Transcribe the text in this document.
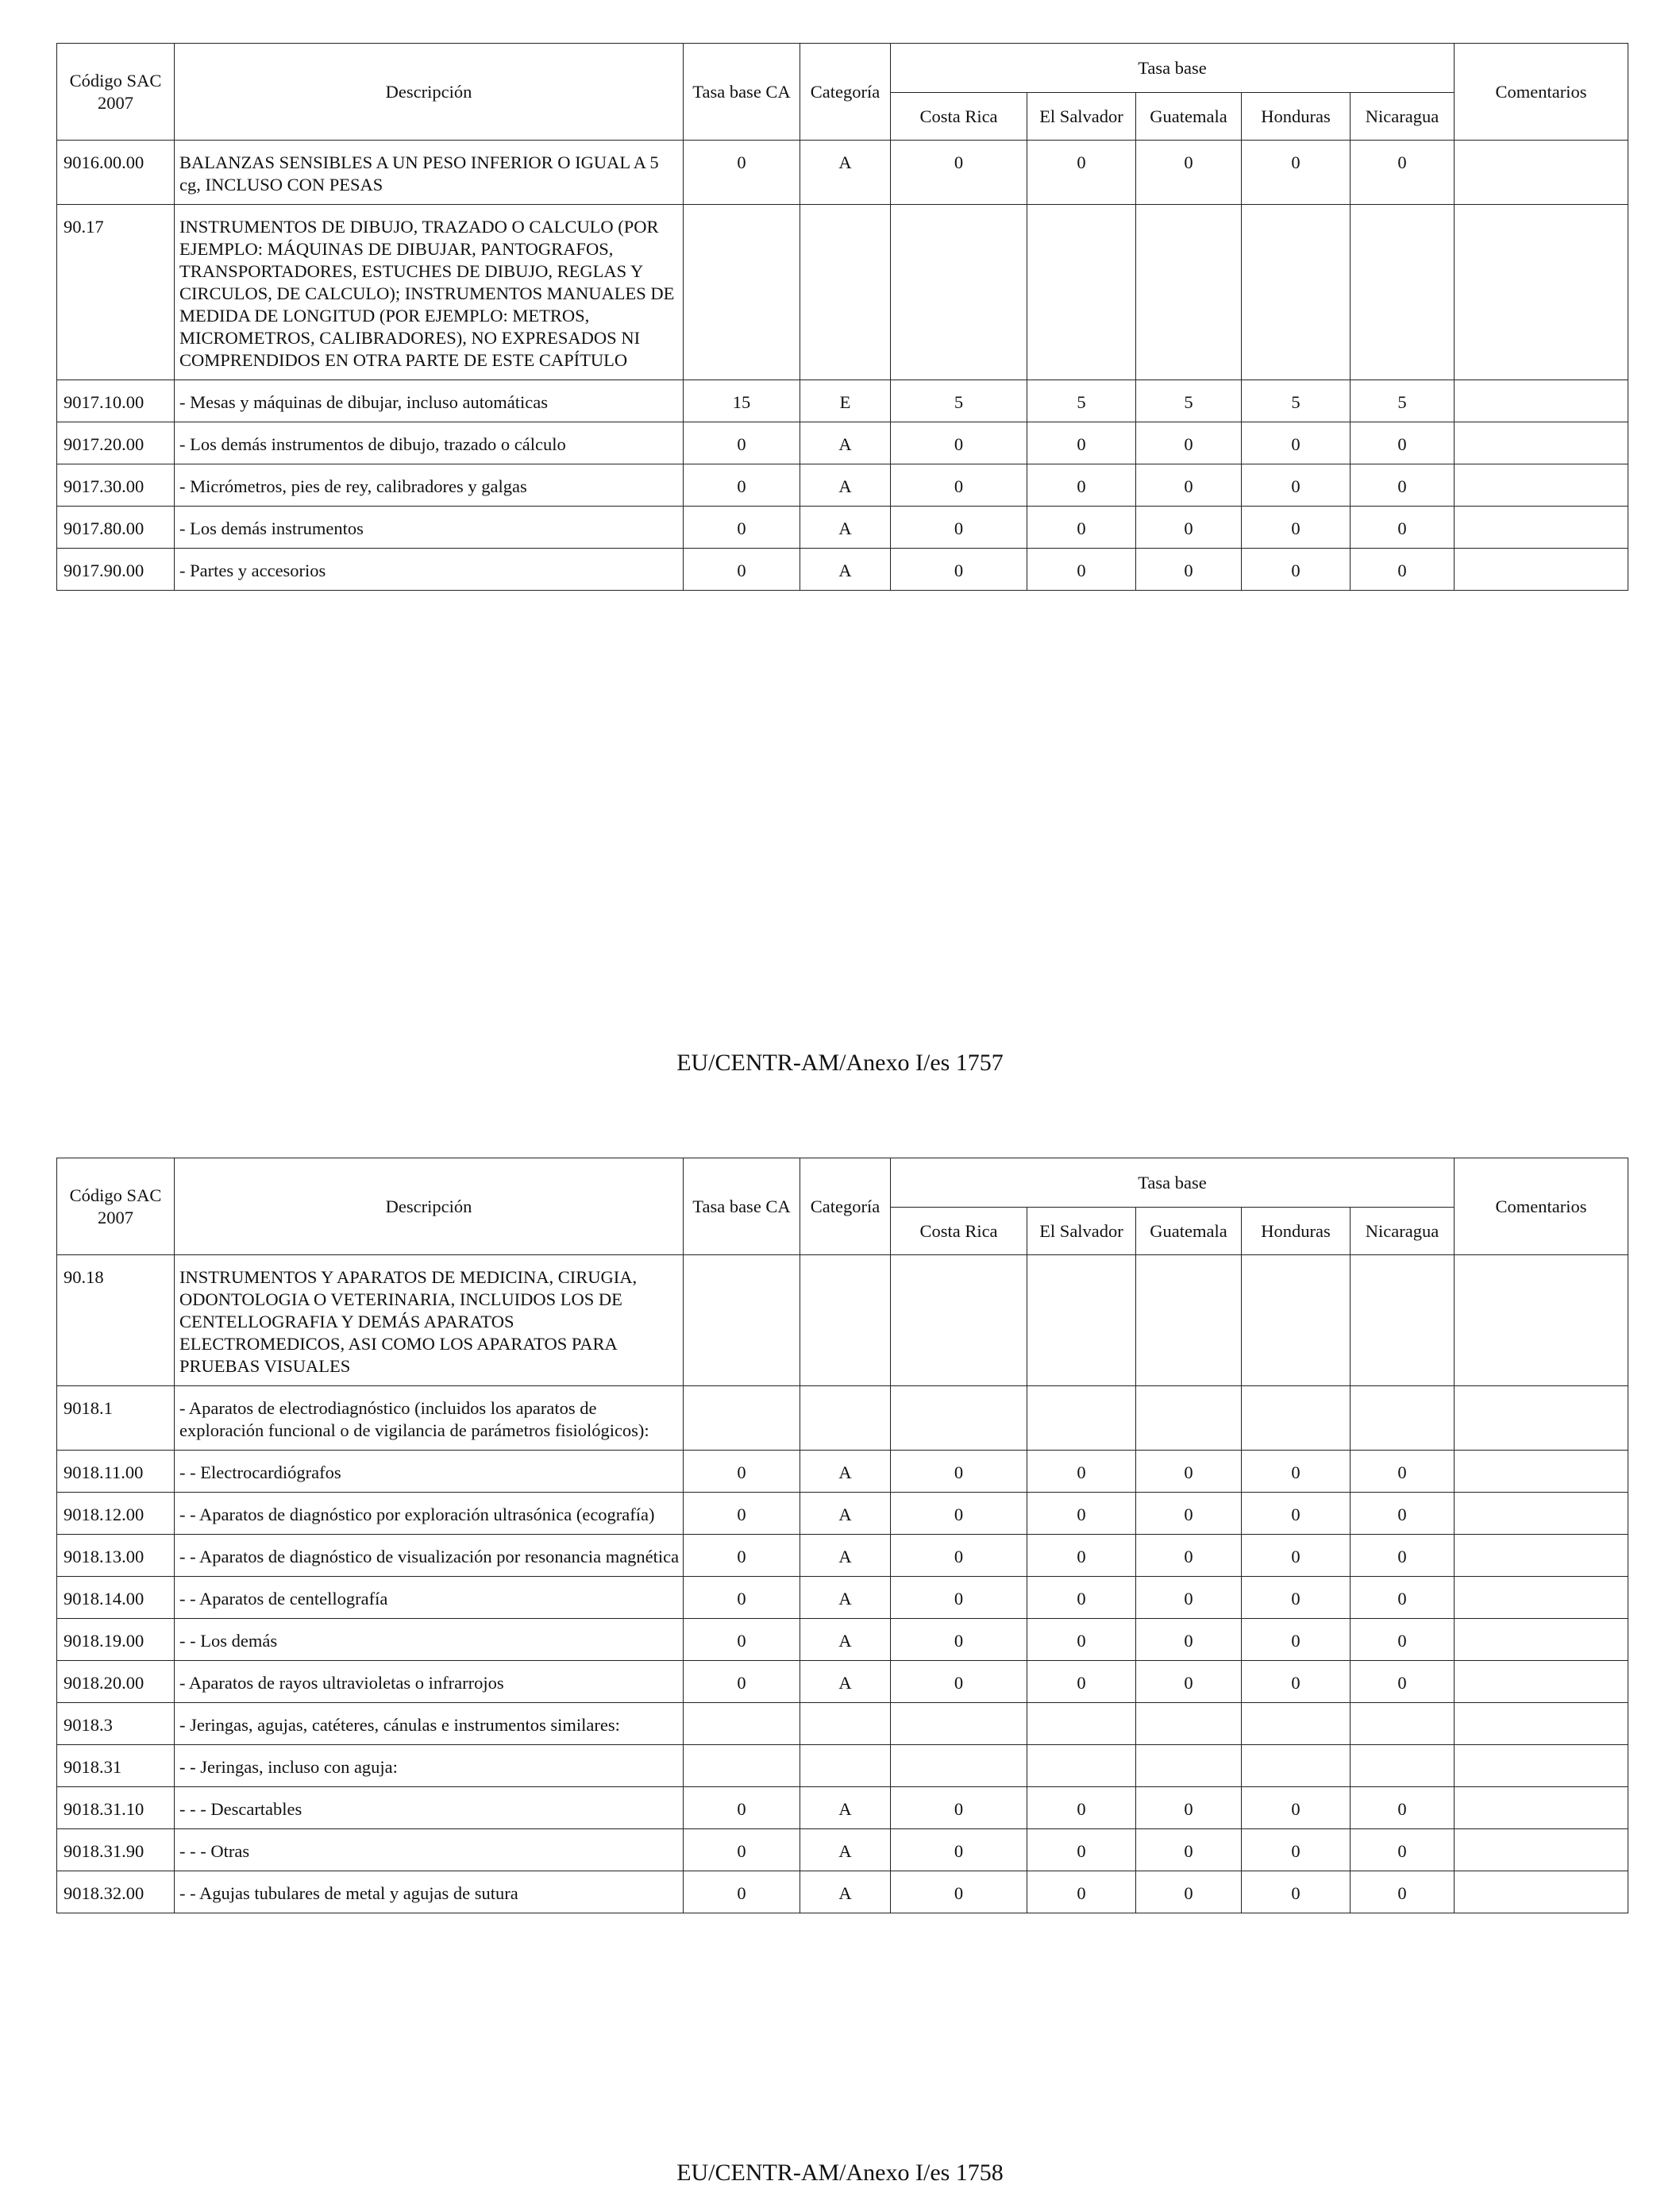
Código SAC 2007	Descripción	Tasa base CA	Categoría	Tasa base					Comentarios
				Costa Rica	El Salvador	Guatemala	Honduras	Nicaragua	
9016.00.00	BALANZAS SENSIBLES A UN PESO INFERIOR O IGUAL A 5 cg, INCLUSO CON PESAS	0	A	0	0	0	0	0	
90.17	INSTRUMENTOS DE DIBUJO, TRAZADO O CALCULO (POR EJEMPLO: MÁQUINAS DE DIBUJAR, PANTOGRAFOS, TRANSPORTADORES, ESTUCHES DE DIBUJO, REGLAS Y CIRCULOS, DE CALCULO); INSTRUMENTOS MANUALES DE MEDIDA DE LONGITUD (POR EJEMPLO: METROS, MICROMETROS, CALIBRADORES), NO EXPRESADOS NI COMPRENDIDOS EN OTRA PARTE DE ESTE CAPÍTULO								
9017.10.00	- Mesas y máquinas de dibujar, incluso automáticas	15	E	5	5	5	5	5	
9017.20.00	- Los demás instrumentos de dibujo, trazado o cálculo	0	A	0	0	0	0	0	
9017.30.00	- Micrómetros, pies de rey, calibradores y galgas	0	A	0	0	0	0	0	
9017.80.00	- Los demás instrumentos	0	A	0	0	0	0	0	
9017.90.00	- Partes y accesorios	0	A	0	0	0	0	0	
EU/CENTR-AM/Anexo I/es 1757
Código SAC 2007	Descripción	Tasa base CA	Categoría	Tasa base					Comentarios
				Costa Rica	El Salvador	Guatemala	Honduras	Nicaragua	
90.18	INSTRUMENTOS Y APARATOS DE MEDICINA, CIRUGIA, ODONTOLOGIA O VETERINARIA, INCLUIDOS LOS DE CENTELLOGRAFIA Y DEMÁS APARATOS ELECTROMEDICOS, ASI COMO LOS APARATOS PARA PRUEBAS VISUALES								
9018.1	- Aparatos de electrodiagnóstico (incluidos los aparatos de exploración funcional o de vigilancia de parámetros fisiológicos):								
9018.11.00	- - Electrocardiógrafos	0	A	0	0	0	0	0	
9018.12.00	- - Aparatos de diagnóstico por exploración ultrasónica (ecografía)	0	A	0	0	0	0	0	
9018.13.00	- - Aparatos de diagnóstico de visualización por resonancia magnética	0	A	0	0	0	0	0	
9018.14.00	- - Aparatos de centellografía	0	A	0	0	0	0	0	
9018.19.00	- - Los demás	0	A	0	0	0	0	0	
9018.20.00	- Aparatos de rayos ultravioletas o infrarrojos	0	A	0	0	0	0	0	
9018.3	- Jeringas, agujas, catéteres, cánulas e instrumentos similares:								
9018.31	- - Jeringas, incluso con aguja:								
9018.31.10	- - - Descartables	0	A	0	0	0	0	0	
9018.31.90	- - - Otras	0	A	0	0	0	0	0	
9018.32.00	- - Agujas tubulares de metal y agujas de sutura	0	A	0	0	0	0	0	
EU/CENTR-AM/Anexo I/es 1758
